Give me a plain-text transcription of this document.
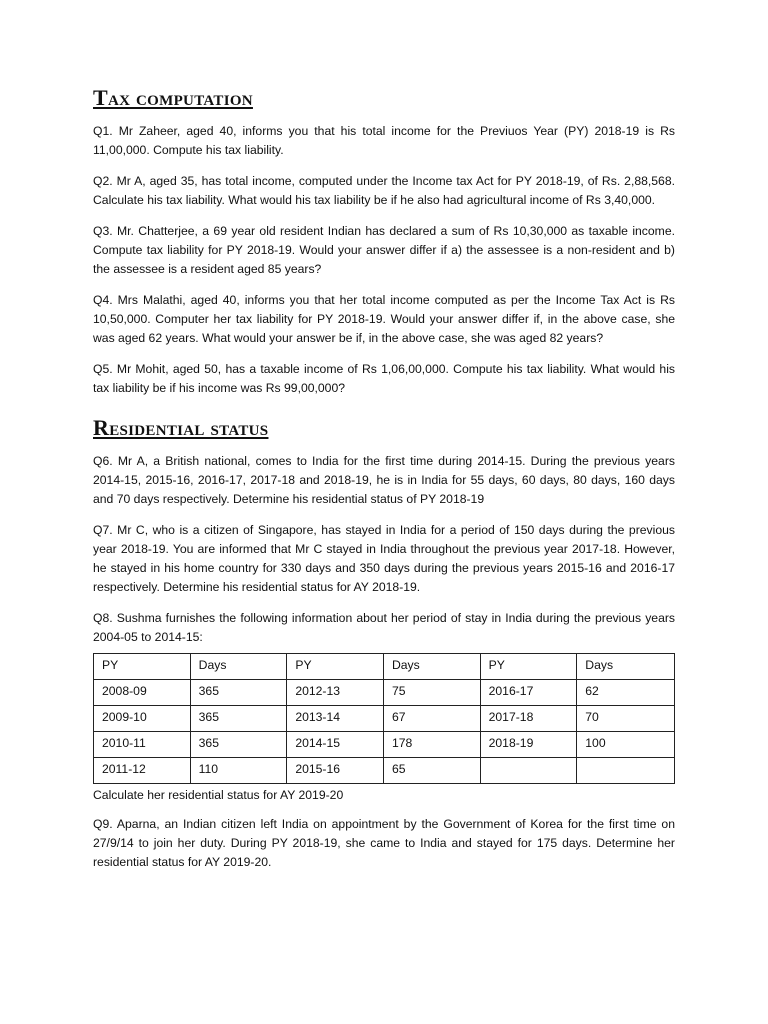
Tax computation

Q1. Mr Zaheer, aged 40, informs you that his total income for the Previuos Year (PY) 2018-19 is Rs 11,00,000. Compute his tax liability.

Q2. Mr A, aged 35, has total income, computed under the Income tax Act for PY 2018-19, of Rs. 2,88,568. Calculate his tax liability. What would his tax liability be if he also had agricultural income of Rs 3,40,000.

Q3. Mr. Chatterjee, a 69 year old resident Indian has declared a sum of Rs 10,30,000 as taxable income. Compute tax liability for PY 2018-19. Would your answer differ if a) the assessee is a non-resident and b) the assessee is a resident aged 85 years?

Q4. Mrs Malathi, aged 40, informs you that her total income computed as per the Income Tax Act is Rs 10,50,000. Computer her tax liability for PY 2018-19. Would your answer differ if, in the above case, she was aged 62 years. What would your answer be if, in the above case, she was aged 82 years?

Q5. Mr Mohit, aged 50, has a taxable income of Rs 1,06,00,000. Compute his tax liability. What would his tax liability be if his income was Rs 99,00,000?

Residential status

Q6. Mr A, a British national, comes to India for the first time during 2014-15. During the previous years 2014-15, 2015-16, 2016-17, 2017-18 and 2018-19, he is in India for 55 days, 60 days, 80 days, 160 days and 70 days respectively. Determine his residential status of PY 2018-19

Q7. Mr C, who is a citizen of Singapore, has stayed in India for a period of 150 days during the previous year 2018-19. You are informed that Mr C stayed in India throughout the previous year 2017-18. However, he stayed in his home country for 330 days and 350 days during the previous years 2015-16 and 2016-17 respectively. Determine his residential status for AY 2018-19.

Q8. Sushma furnishes the following information about her period of stay in India during the previous years 2004-05 to 2014-15:

PY	Days	PY	Days	PY	Days
2008-09	365	2012-13	75	2016-17	62
2009-10	365	2013-14	67	2017-18	70
2010-11	365	2014-15	178	2018-19	100
2011-12	110	2015-16	65		
Calculate her residential status for AY 2019-20

Q9. Aparna, an Indian citizen left India on appointment by the Government of Korea for the first time on 27/9/14 to join her duty. During PY 2018-19, she came to India and stayed for 175 days. Determine her residential status for AY 2019-20.
